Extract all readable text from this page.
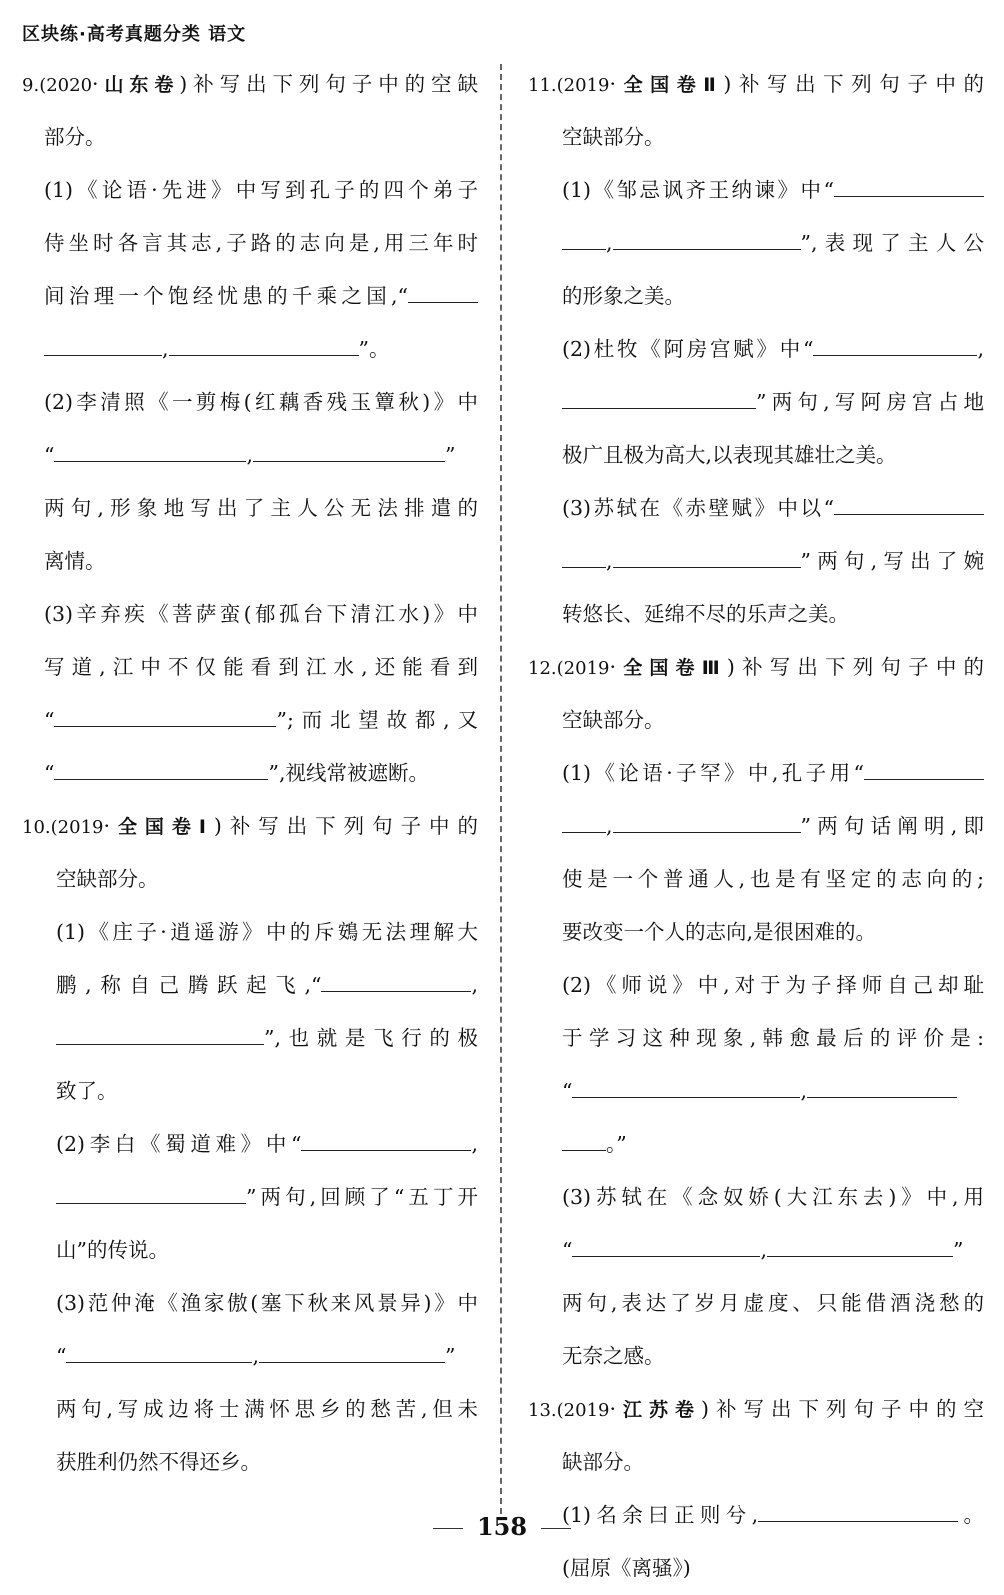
区块练·高考真题分类 语文
9.(2020·山东卷)补写出下列句子中的空缺
部分。
(1)《论语·先进》中写到孔子的四个弟子
侍坐时各言其志,子路的志向是,用三年时
间治理一个饱经忧患的千乘之国,“
,	”。
(2)李清照《一剪梅(红藕香残玉簟秋)》中
“	,	”
两句,形象地写出了主人公无法排遣的
离情。
(3)辛弃疾《菩萨蛮(郁孤台下清江水)》中
写道,江中不仅能看到江水,还能看到
“	”;而北望故都,又
“	”,视线常被遮断。
10.(2019·全国卷Ⅰ)补写出下列句子中的
空缺部分。
(1)《庄子·逍遥游》中的斥鴳无法理解大
鹏,称自己腾跃起飞,“	,
”,也就是飞行的极
致了。
(2)李白《蜀道难》中“	,
”两句,回顾了“五丁开
山”的传说。
(3)范仲淹《渔家傲(塞下秋来风景异)》中
“	,	”
两句,写成边将士满怀思乡的愁苦,但未
获胜利仍然不得还乡。
11.(2019·全国卷Ⅱ)补写出下列句子中的
空缺部分。
(1)《邹忌讽齐王纳谏》中“
,	”,表现了主人公
的形象之美。
(2)杜牧《阿房宫赋》中“	,
”两句,写阿房宫占地
极广且极为高大,以表现其雄壮之美。
(3)苏轼在《赤壁赋》中以“
,	”两句,写出了婉
转悠长、延绵不尽的乐声之美。
12.(2019·全国卷Ⅲ)补写出下列句子中的
空缺部分。
(1)《论语·子罕》中,孔子用“
,	”两句话阐明,即
使是一个普通人,也是有坚定的志向的;
要改变一个人的志向,是很困难的。
(2)《师说》中,对于为子择师自己却耻
于学习这种现象,韩愈最后的评价是:
“	,
。”
(3)苏轼在《念奴娇(大江东去)》中,用
“	,	”
两句,表达了岁月虚度、只能借酒浇愁的
无奈之感。
13.(2019·江苏卷)补写出下列句子中的空
缺部分。
(1)名余曰正则兮,	。
(屈原《离骚》)
158
